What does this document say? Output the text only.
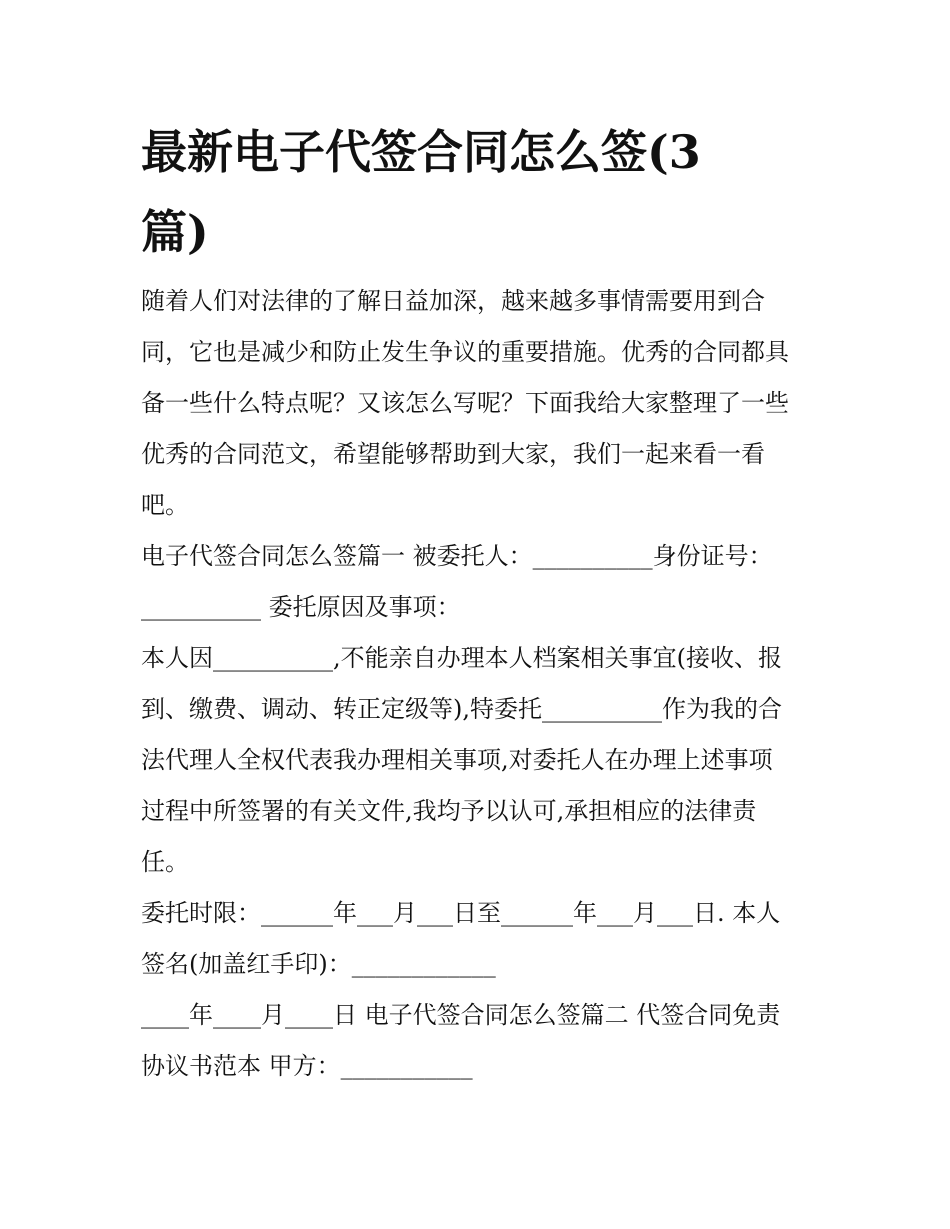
最新电子代签合同怎么签(3
篇)
随着人们对法律的了解日益加深，越来越多事情需要用到合
同，它也是减少和防止发生争议的重要措施。优秀的合同都具
备一些什么特点呢？又该怎么写呢？下面我给大家整理了一些
优秀的合同范文，希望能够帮助到大家，我们一起来看一看
吧。
电子代签合同怎么签篇一 被委托人：__________身份证号：
__________ 委托原因及事项：
本人因__________,不能亲自办理本人档案相关事宜(接收、报
到、缴费、调动、转正定级等),特委托__________作为我的合
法代理人全权代表我办理相关事项,对委托人在办理上述事项
过程中所签署的有关文件,我均予以认可,承担相应的法律责
任。
委托时限：______年___月___日至______年___月___日. 本人
签名(加盖红手印)：____________
____年____月____日 电子代签合同怎么签篇二 代签合同免责
协议书范本 甲方：___________
